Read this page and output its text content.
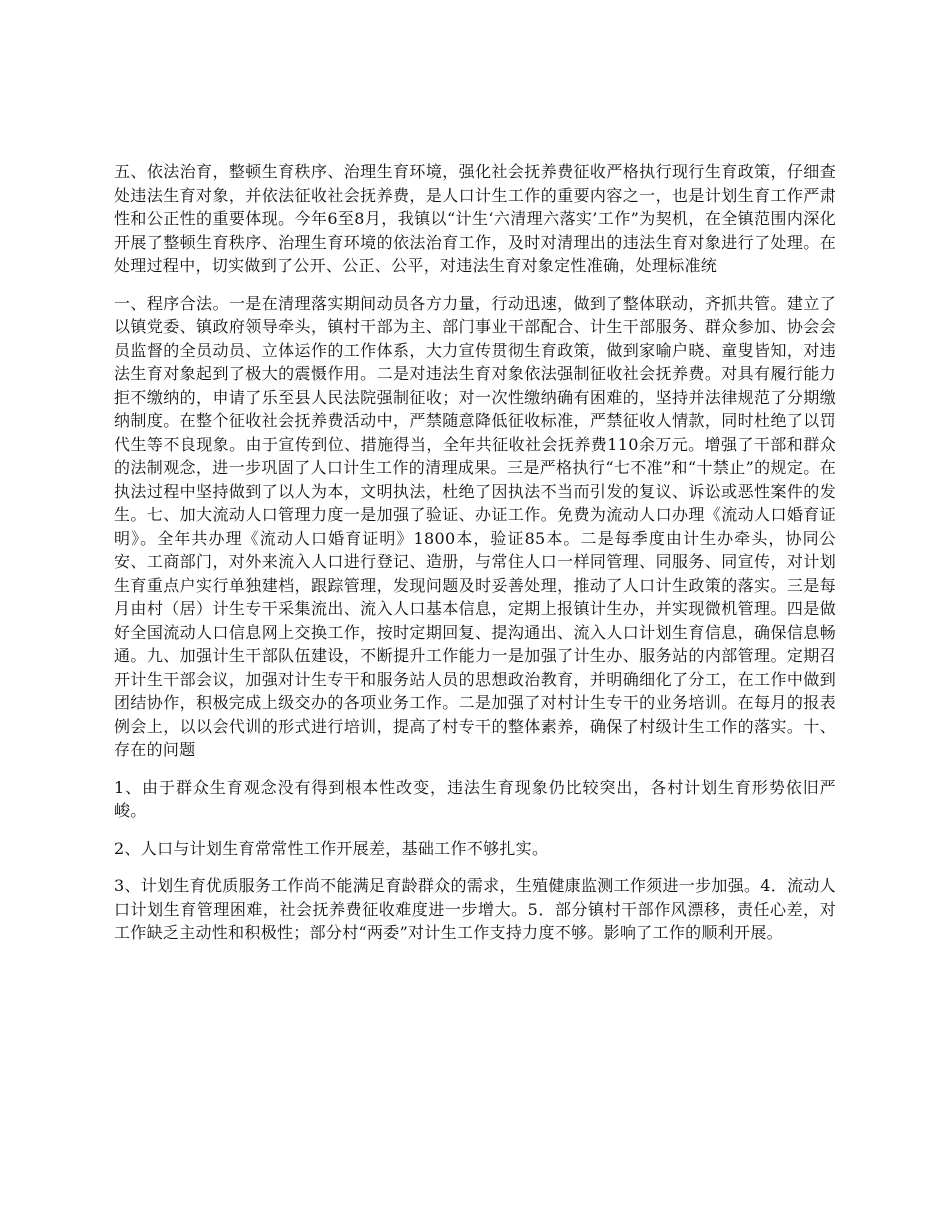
五、依法治育，整顿生育秩序、治理生育环境，强化社会抚养费征收严格执行现行生育政策，仔细查处违法生育对象，并依法征收社会抚养费，是人口计生工作的重要内容之一，也是计划生育工作严肃性和公正性的重要体现。今年6至8月，我镇以“计生‘六清理六落实’工作”为契机，在全镇范围内深化开展了整顿生育秩序、治理生育环境的依法治育工作，及时对清理出的违法生育对象进行了处理。在处理过程中，切实做到了公开、公正、公平，对违法生育对象定性准确，处理标准统

一、程序合法。一是在清理落实期间动员各方力量，行动迅速，做到了整体联动，齐抓共管。建立了以镇党委、镇政府领导牵头，镇村干部为主、部门事业干部配合、计生干部服务、群众参加、协会会员监督的全员动员、立体运作的工作体系，大力宣传贯彻生育政策，做到家喻户晓、童叟皆知，对违法生育对象起到了极大的震慑作用。二是对违法生育对象依法强制征收社会抚养费。对具有履行能力拒不缴纳的，申请了乐至县人民法院强制征收；对一次性缴纳确有困难的，坚持并法律规范了分期缴纳制度。在整个征收社会抚养费活动中，严禁随意降低征收标准，严禁征收人情款，同时杜绝了以罚代生等不良现象。由于宣传到位、措施得当，全年共征收社会抚养费110余万元。增强了干部和群众的法制观念，进一步巩固了人口计生工作的清理成果。三是严格执行“七不准”和“十禁止”的规定。在执法过程中坚持做到了以人为本，文明执法，杜绝了因执法不当而引发的复议、诉讼或恶性案件的发生。七、加大流动人口管理力度一是加强了验证、办证工作。免费为流动人口办理《流动人口婚育证明》。全年共办理《流动人口婚育证明》1800本，验证85本。二是每季度由计生办牵头，协同公安、工商部门，对外来流入人口进行登记、造册，与常住人口一样同管理、同服务、同宣传，对计划生育重点户实行单独建档，跟踪管理，发现问题及时妥善处理，推动了人口计生政策的落实。三是每月由村（居）计生专干采集流出、流入人口基本信息，定期上报镇计生办，并实现微机管理。四是做好全国流动人口信息网上交换工作，按时定期回复、提沟通出、流入人口计划生育信息，确保信息畅通。九、加强计生干部队伍建设，不断提升工作能力一是加强了计生办、服务站的内部管理。定期召开计生干部会议，加强对计生专干和服务站人员的思想政治教育，并明确细化了分工，在工作中做到团结协作，积极完成上级交办的各项业务工作。二是加强了对村计生专干的业务培训。在每月的报表例会上，以以会代训的形式进行培训，提高了村专干的整体素养，确保了村级计生工作的落实。十、存在的问题

1、由于群众生育观念没有得到根本性改变，违法生育现象仍比较突出，各村计划生育形势依旧严峻。

2、人口与计划生育常常性工作开展差，基础工作不够扎实。

3、计划生育优质服务工作尚不能满足育龄群众的需求，生殖健康监测工作须进一步加强。4．流动人口计划生育管理困难，社会抚养费征收难度进一步增大。5．部分镇村干部作风漂移，责任心差，对工作缺乏主动性和积极性；部分村“两委”对计生工作支持力度不够。影响了工作的顺利开展。
